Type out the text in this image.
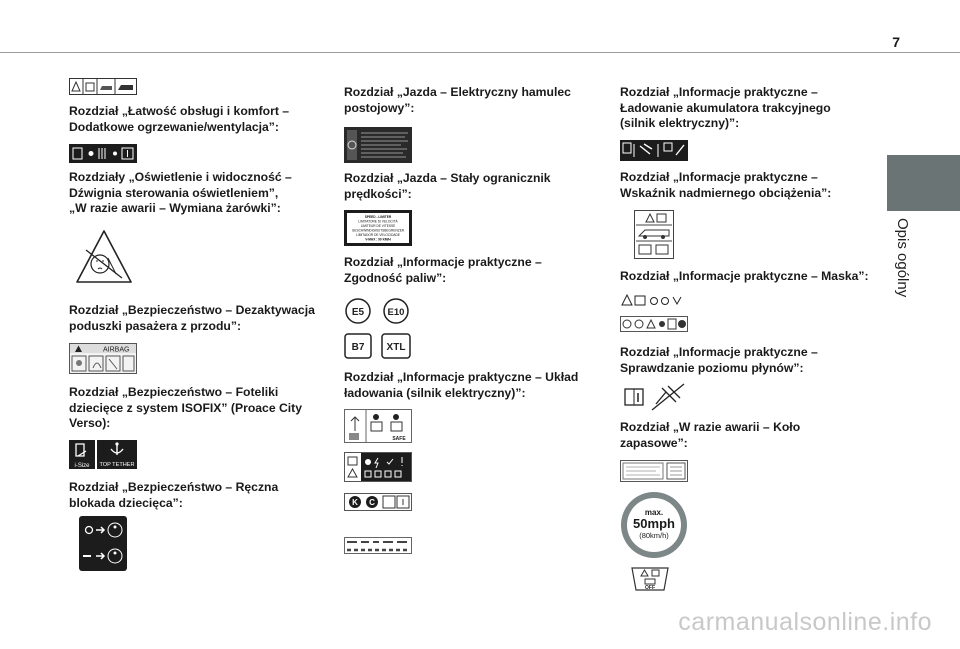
7
Opis ogólny
Rozdział „Łatwość obsługi i komfort –
Dodatkowe ogrzewanie/wentylacja”:
Rozdziały „Oświetlenie i widoczność –
Dźwignia sterowania oświetleniem”,
„W razie awarii – Wymiana żarówki”:
Rozdział „Bezpieczeństwo – Dezaktywacja
poduszki pasażera z przodu”:
AIRBAG
Rozdział „Bezpieczeństwo – Foteliki
dziecięce z system ISOFIX” (Proace City
Verso):
i-Size TOP TETHER
Rozdział „Bezpieczeństwo – Ręczna
blokada dziecięca”:
Rozdział „Jazda – Elektryczny hamulec
postojowy”:
Rozdział „Jazda – Stały ogranicznik
prędkości”:
SPEED - LIMITER
LIMITATORE DI VELOCITÀ
LIMITEUR DE VITESSE
GESCHWINDIGKEITSBEGRENZER
LIMITADOR DE VELOCIDADE
V-MAX : 90 KM/H
Rozdział „Informacje praktyczne –
Zgodność paliw”:
E5 E10
B7 XTL
Rozdział „Informacje praktyczne – Układ
ładowania (silnik elektryczny)”:
SAFE
K C
Rozdział „Informacje praktyczne –
Ładowanie akumulatora trakcyjnego
(silnik elektryczny)”:
Rozdział „Informacje praktyczne –
Wskaźnik nadmiernego obciążenia”:
Rozdział „Informacje praktyczne – Maska”:
Rozdział „Informacje praktyczne –
Sprawdzanie poziomu płynów”:
Rozdział „W razie awarii – Koło
zapasowe”:
max.
50mph
(80km/h)
OFF
carmanualsonline.info
